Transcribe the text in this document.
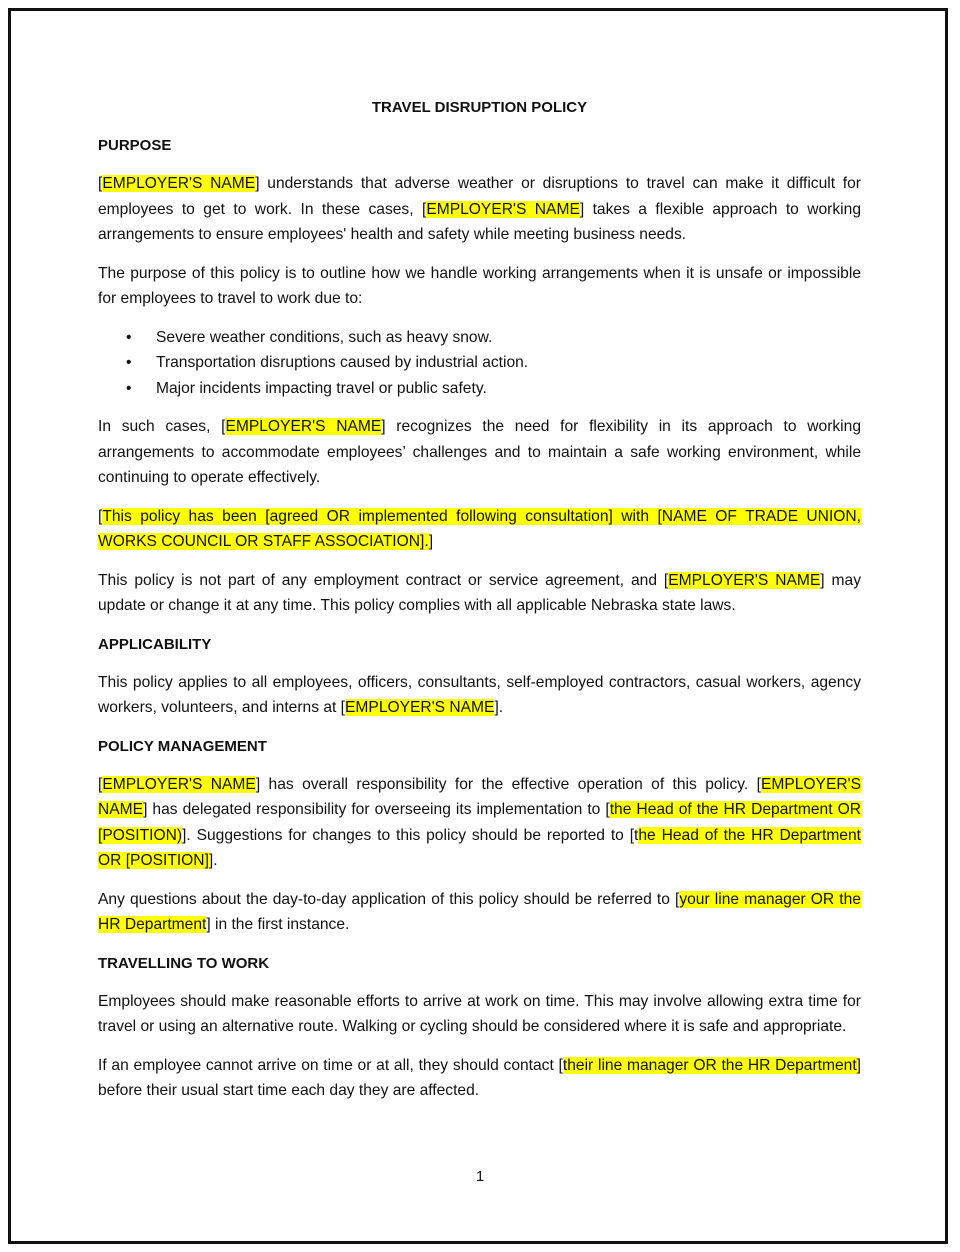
TRAVEL DISRUPTION POLICY
PURPOSE

[EMPLOYER'S NAME] understands that adverse weather or disruptions to travel can make it difficult for employees to get to work. In these cases, [EMPLOYER'S NAME] takes a flexible approach to working arrangements to ensure employees' health and safety while meeting business needs.

The purpose of this policy is to outline how we handle working arrangements when it is unsafe or impossible for employees to travel to work due to:

• Severe weather conditions, such as heavy snow.
• Transportation disruptions caused by industrial action.
• Major incidents impacting travel or public safety.

In such cases, [EMPLOYER'S NAME] recognizes the need for flexibility in its approach to working arrangements to accommodate employees’ challenges and to maintain a safe working environment, while continuing to operate effectively.

[This policy has been [agreed OR implemented following consultation] with [NAME OF TRADE UNION, WORKS COUNCIL OR STAFF ASSOCIATION].]

This policy is not part of any employment contract or service agreement, and [EMPLOYER'S NAME] may update or change it at any time. This policy complies with all applicable Nebraska state laws.

APPLICABILITY

This policy applies to all employees, officers, consultants, self-employed contractors, casual workers, agency workers, volunteers, and interns at [EMPLOYER'S NAME].

POLICY MANAGEMENT

[EMPLOYER'S NAME] has overall responsibility for the effective operation of this policy. [EMPLOYER'S NAME] has delegated responsibility for overseeing its implementation to [the Head of the HR Department OR [POSITION)]. Suggestions for changes to this policy should be reported to [the Head of the HR Department OR [POSITION]].

Any questions about the day-to-day application of this policy should be referred to [your line manager OR the HR Department] in the first instance.

TRAVELLING TO WORK

Employees should make reasonable efforts to arrive at work on time. This may involve allowing extra time for travel or using an alternative route. Walking or cycling should be considered where it is safe and appropriate.

If an employee cannot arrive on time or at all, they should contact [their line manager OR the HR Department] before their usual start time each day they are affected.

1
